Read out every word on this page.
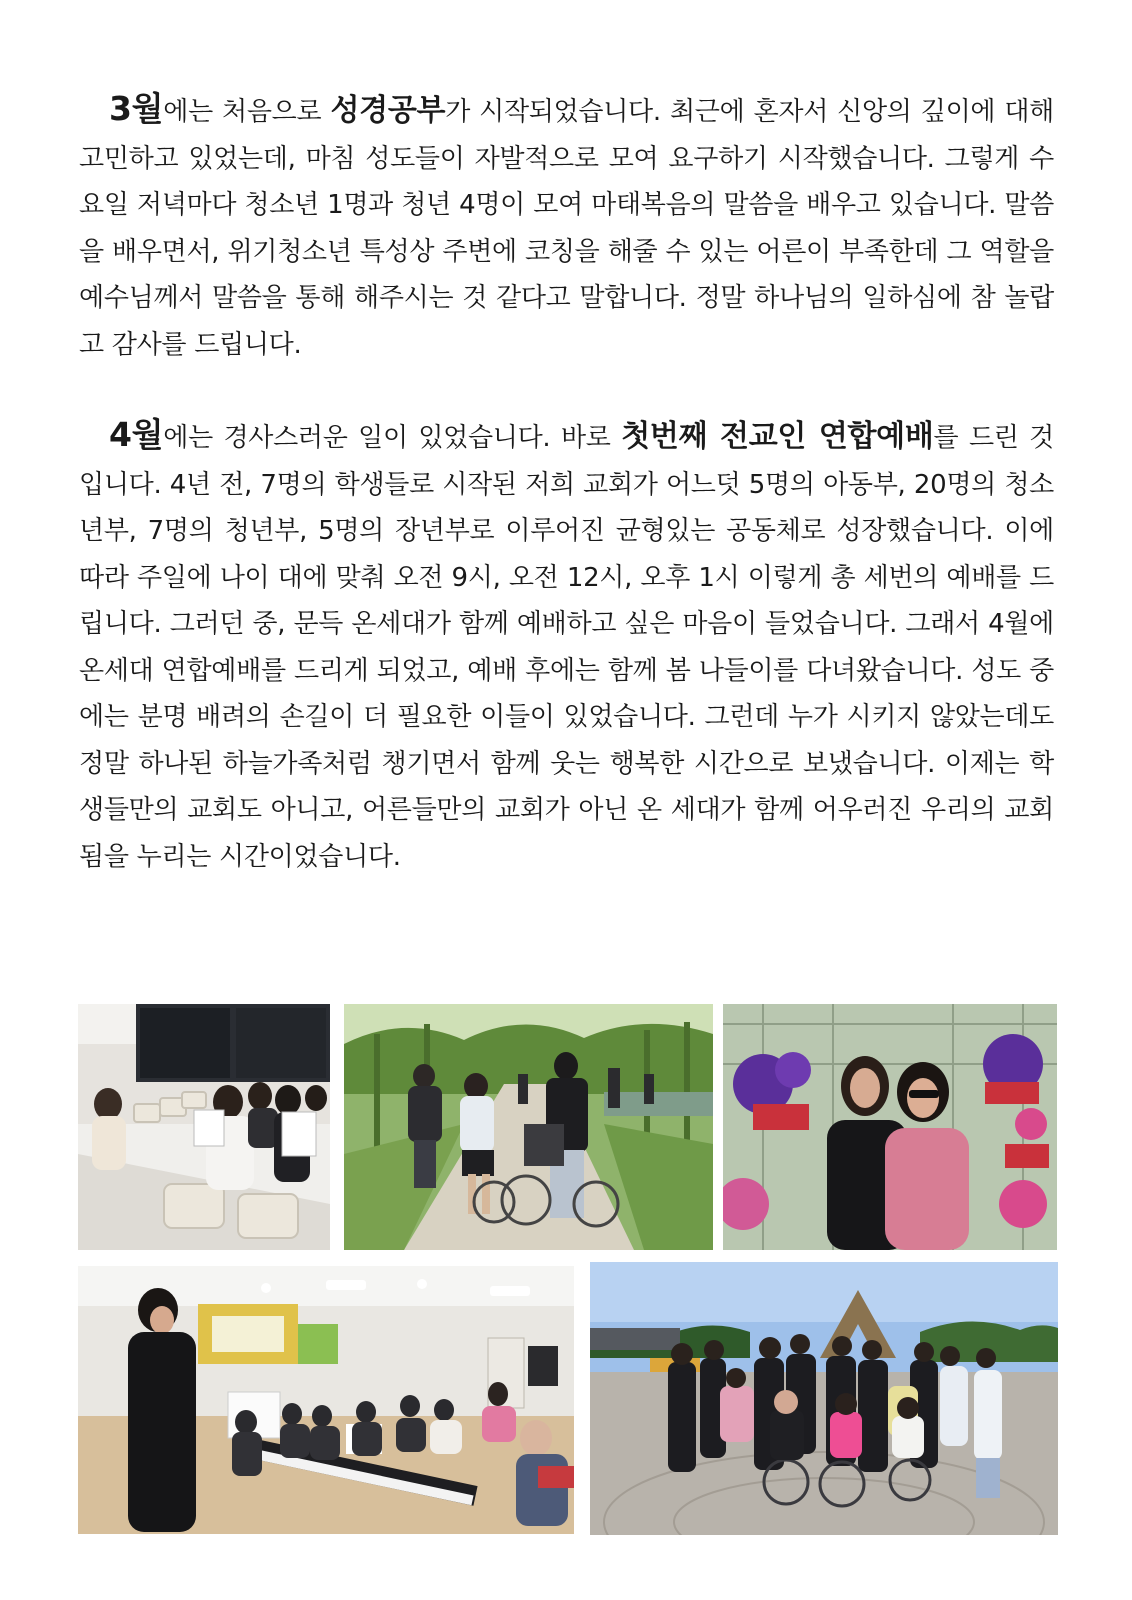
3월에는 처음으로 성경공부가 시작되었습니다. 최근에 혼자서 신앙의 깊이에 대해 고민하고 있었는데, 마침 성도들이 자발적으로 모여 요구하기 시작했습니다. 그렇게 수요일 저녁마다 청소년 1명과 청년 4명이 모여 마태복음의 말씀을 배우고 있습니다. 말씀을 배우면서, 위기청소년 특성상 주변에 코칭을 해줄 수 있는 어른이 부족한데 그 역할을 예수님께서 말씀을 통해 해주시는 것 같다고 말합니다. 정말 하나님의 일하심에 참 놀랍고 감사를 드립니다.

4월에는 경사스러운 일이 있었습니다. 바로 첫번째 전교인 연합예배를 드린 것입니다. 4년 전, 7명의 학생들로 시작된 저희 교회가 어느덧 5명의 아동부, 20명의 청소년부, 7명의 청년부, 5명의 장년부로 이루어진 균형있는 공동체로 성장했습니다. 이에 따라 주일에 나이 대에 맞춰 오전 9시, 오전 12시, 오후 1시 이렇게 총 세번의 예배를 드립니다. 그러던 중, 문득 온세대가 함께 예배하고 싶은 마음이 들었습니다. 그래서 4월에 온세대 연합예배를 드리게 되었고, 예배 후에는 함께 봄 나들이를 다녀왔습니다. 성도 중에는 분명 배려의 손길이 더 필요한 이들이 있었습니다. 그런데 누가 시키지 않았는데도 정말 하나된 하늘가족처럼 챙기면서 함께 웃는 행복한 시간으로 보냈습니다. 이제는 학생들만의 교회도 아니고, 어른들만의 교회가 아닌 온 세대가 함께 어우러진 우리의 교회됨을 누리는 시간이었습니다.
